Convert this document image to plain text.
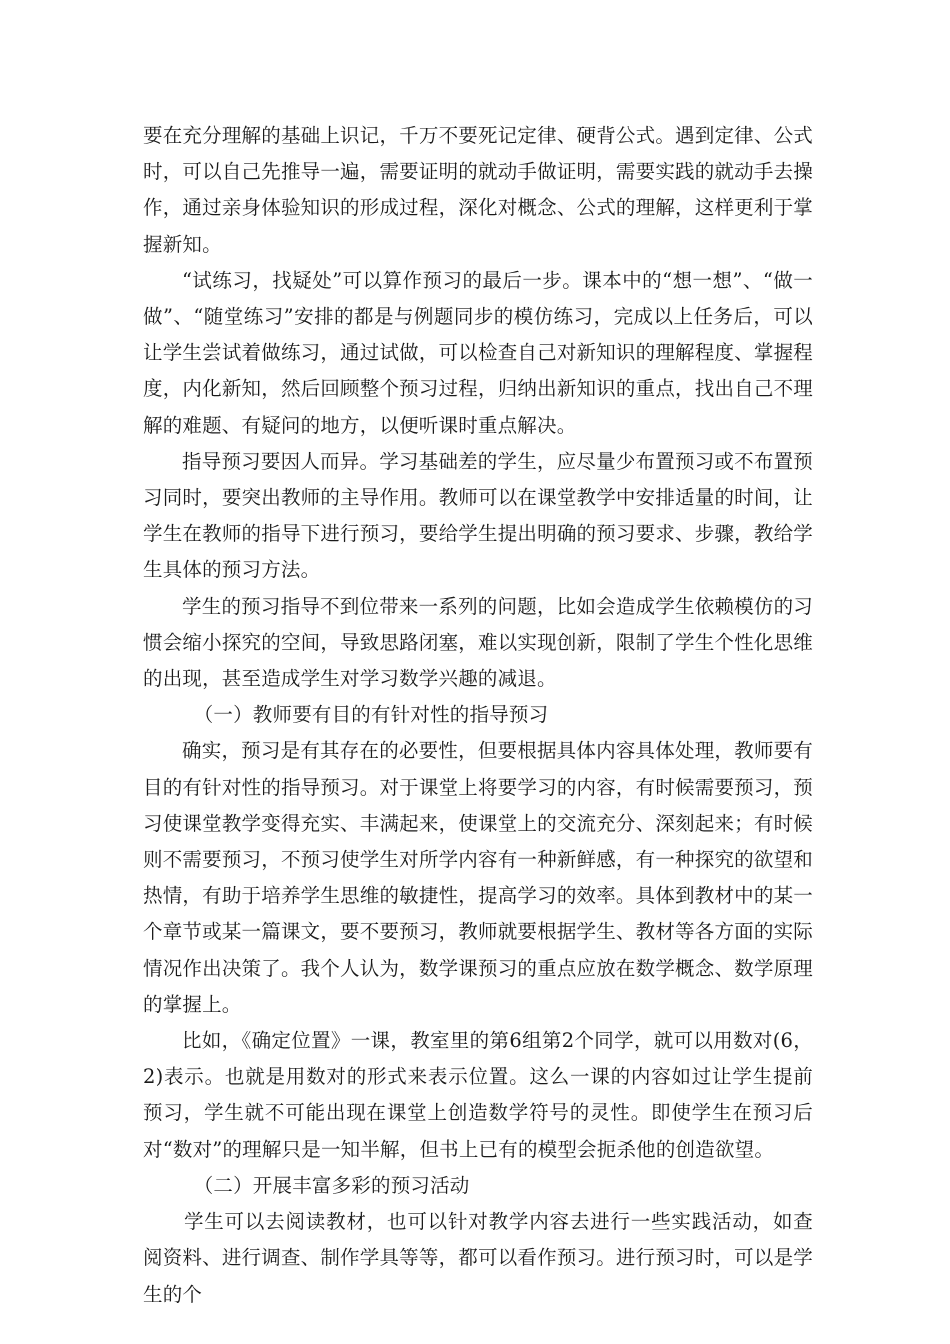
要在充分理解的基础上识记，千万不要死记定律、硬背公式。遇到定律、公式时，可以自己先推导一遍，需要证明的就动手做证明，需要实践的就动手去操作，通过亲身体验知识的形成过程，深化对概念、公式的理解，这样更利于掌握新知。

“试练习，找疑处”可以算作预习的最后一步。课本中的“想一想”、“做一做”、“随堂练习”安排的都是与例题同步的模仿练习，完成以上任务后，可以让学生尝试着做练习，通过试做，可以检查自己对新知识的理解程度、掌握程度，内化新知，然后回顾整个预习过程，归纳出新知识的重点，找出自己不理解的难题、有疑问的地方，以便听课时重点解决。

指导预习要因人而异。学习基础差的学生，应尽量少布置预习或不布置预习同时，要突出教师的主导作用。教师可以在课堂教学中安排适量的时间，让学生在教师的指导下进行预习，要给学生提出明确的预习要求、步骤，教给学生具体的预习方法。

学生的预习指导不到位带来一系列的问题，比如会造成学生依赖模仿的习惯会缩小探究的空间，导致思路闭塞，难以实现创新，限制了学生个性化思维的出现，甚至造成学生对学习数学兴趣的减退。

（一）教师要有目的有针对性的指导预习

确实，预习是有其存在的必要性，但要根据具体内容具体处理，教师要有目的有针对性的指导预习。对于课堂上将要学习的内容，有时候需要预习，预习使课堂教学变得充实、丰满起来，使课堂上的交流充分、深刻起来；有时候则不需要预习，不预习使学生对所学内容有一种新鲜感，有一种探究的欲望和热情，有助于培养学生思维的敏捷性，提高学习的效率。具体到教材中的某一个章节或某一篇课文，要不要预习，教师就要根据学生、教材等各方面的实际情况作出决策了。我个人认为，数学课预习的重点应放在数学概念、数学原理的掌握上。

比如，《确定位置》一课，教室里的第6组第2个同学，就可以用数对(6，2)表示。也就是用数对的形式来表示位置。这么一课的内容如过让学生提前预习，学生就不可能出现在课堂上创造数学符号的灵性。即使学生在预习后对“数对”的理解只是一知半解，但书上已有的模型会扼杀他的创造欲望。

（二）开展丰富多彩的预习活动

学生可以去阅读教材，也可以针对教学内容去进行一些实践活动，如查阅资料、进行调查、制作学具等等，都可以看作预习。进行预习时，可以是学生的个
